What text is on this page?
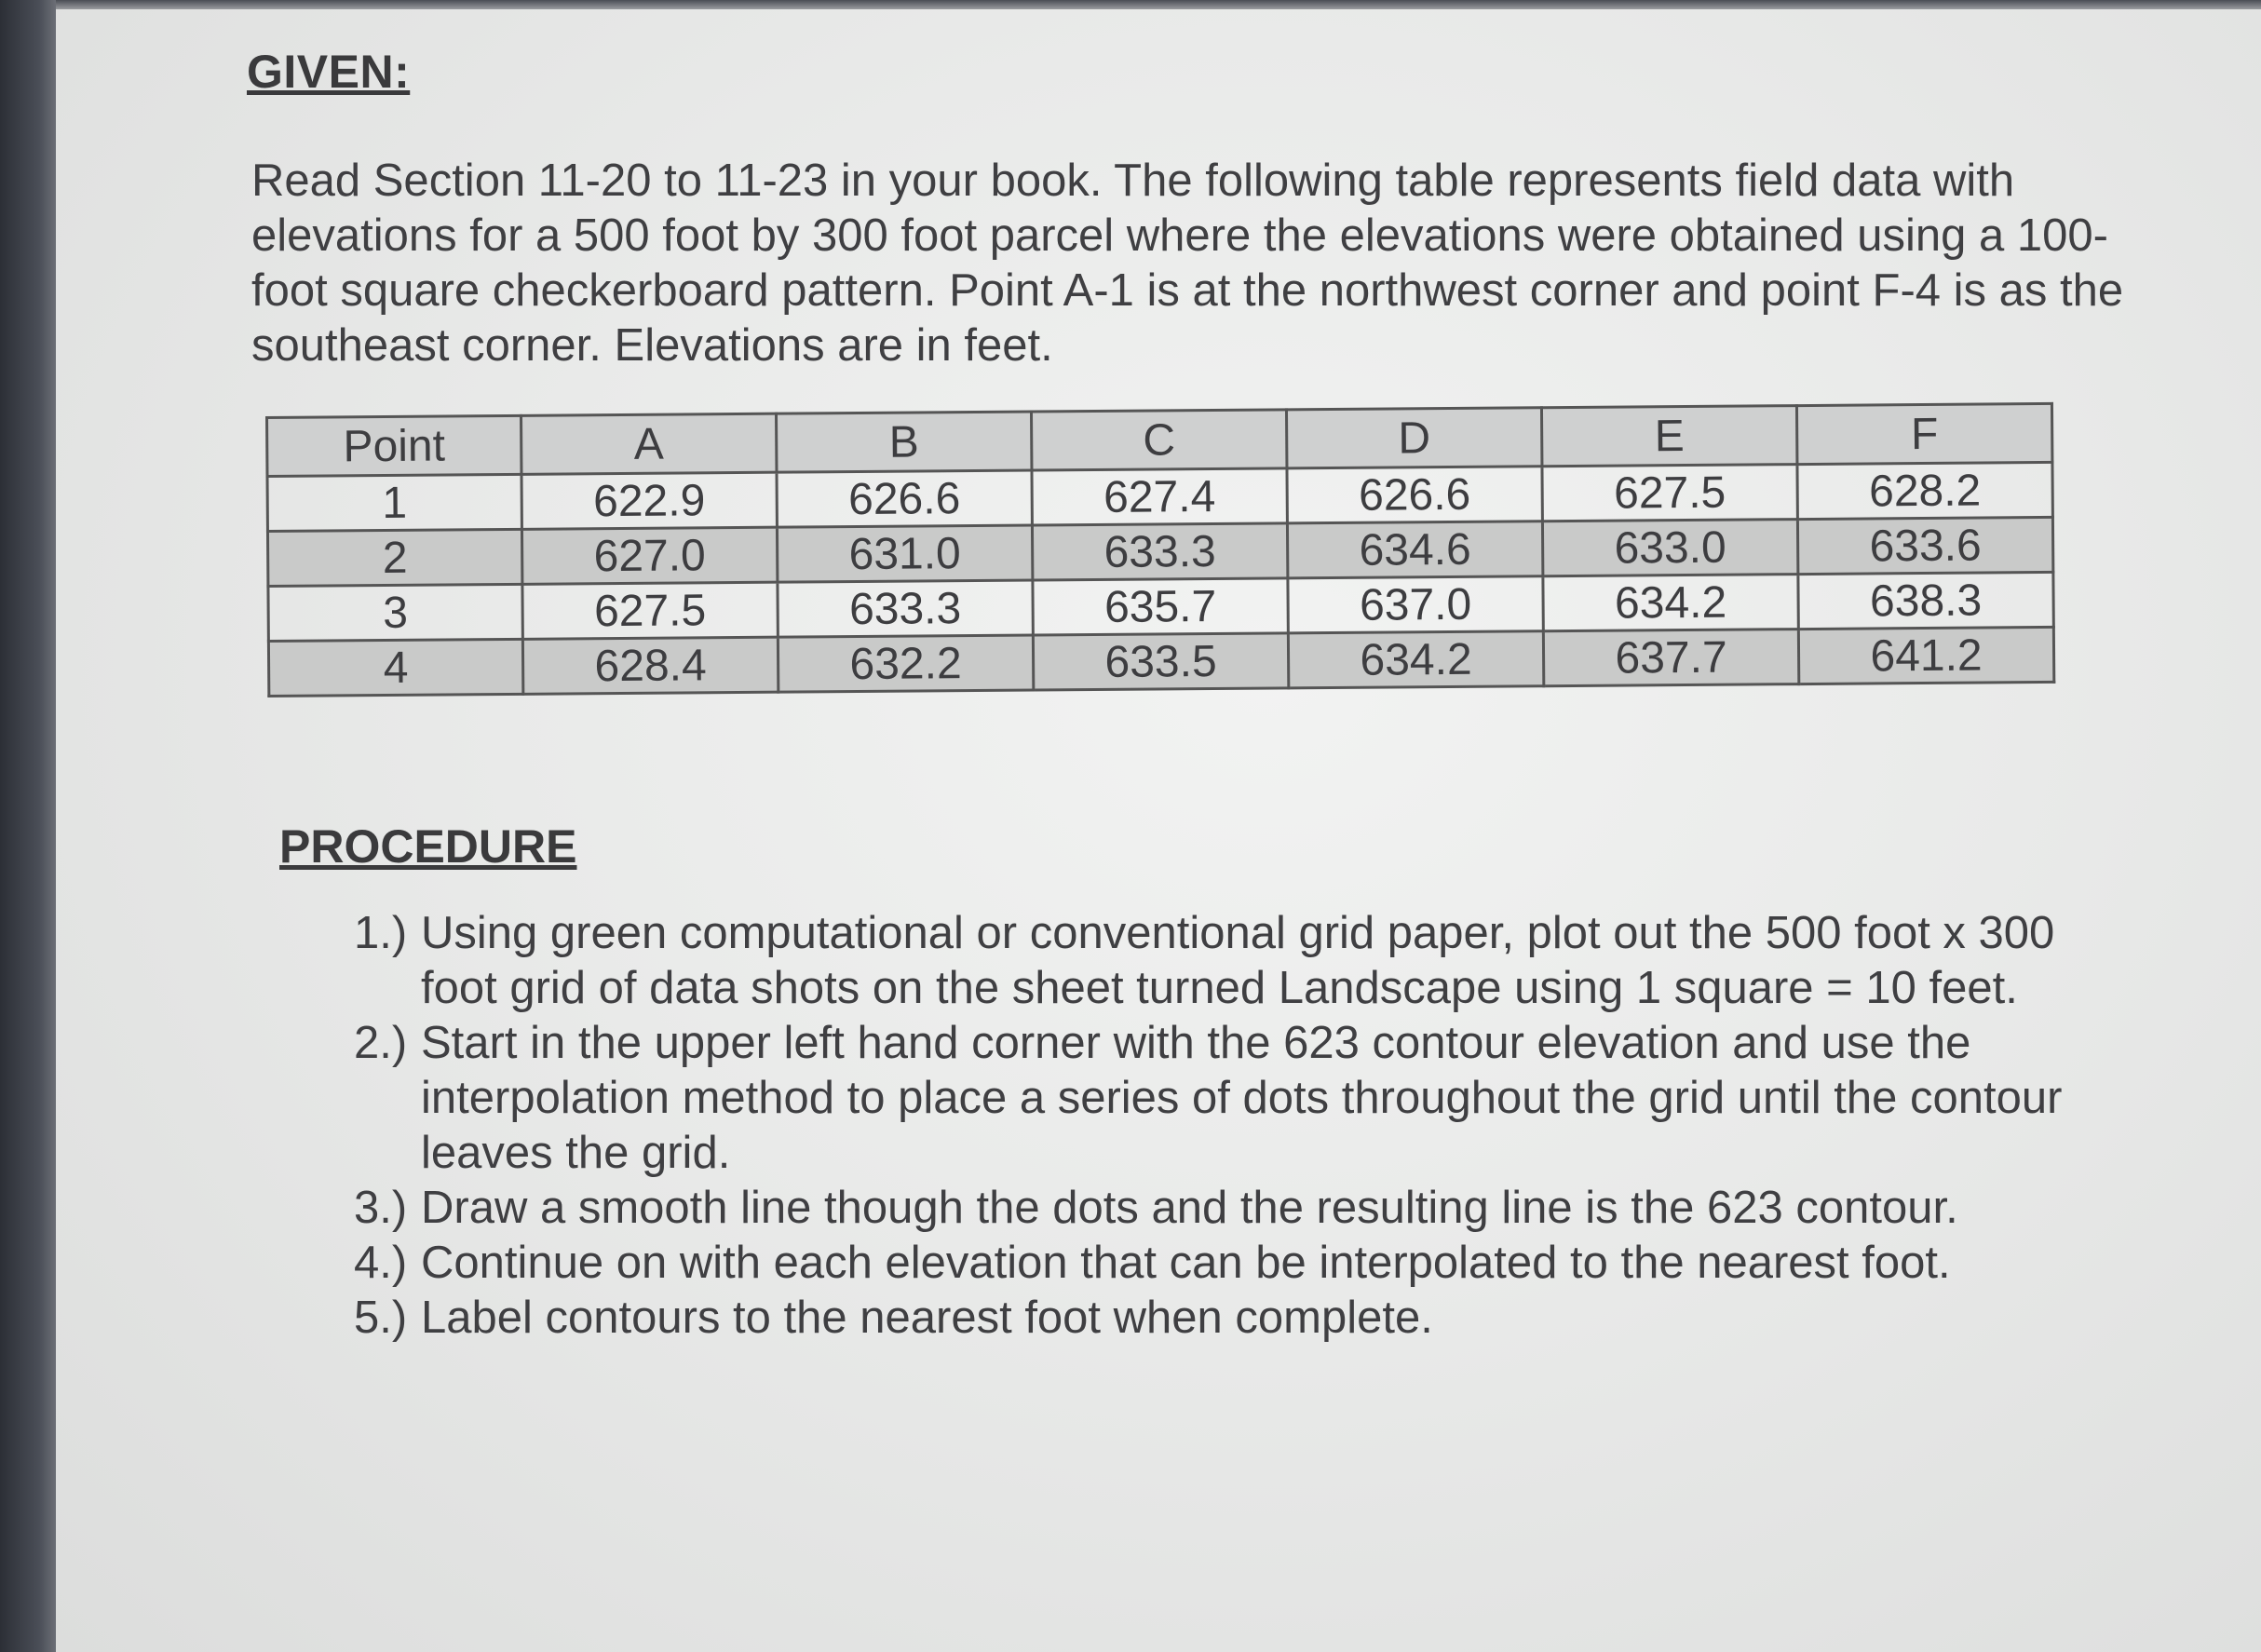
GIVEN:

Read Section 11-20 to 11-23 in your book. The following table represents field data with elevations for a 500 foot by 300 foot parcel where the elevations were obtained using a 100-foot square checkerboard pattern. Point A-1 is at the northwest corner and point F-4 is as the southeast corner. Elevations are in feet.

Point	A	B	C	D	E	F
1	622.9	626.6	627.4	626.6	627.5	628.2
2	627.0	631.0	633.3	634.6	633.0	633.6
3	627.5	633.3	635.7	637.0	634.2	638.3
4	628.4	632.2	633.5	634.2	637.7	641.2
PROCEDURE
1.) Using green computational or conventional grid paper, plot out the 500 foot x 300 foot grid of data shots on the sheet turned Landscape using 1 square = 10 feet.
2.) Start in the upper left hand corner with the 623 contour elevation and use the interpolation method to place a series of dots throughout the grid until the contour leaves the grid.
3.) Draw a smooth line though the dots and the resulting line is the 623 contour.
4.) Continue on with each elevation that can be interpolated to the nearest foot.
5.) Label contours to the nearest foot when complete.
